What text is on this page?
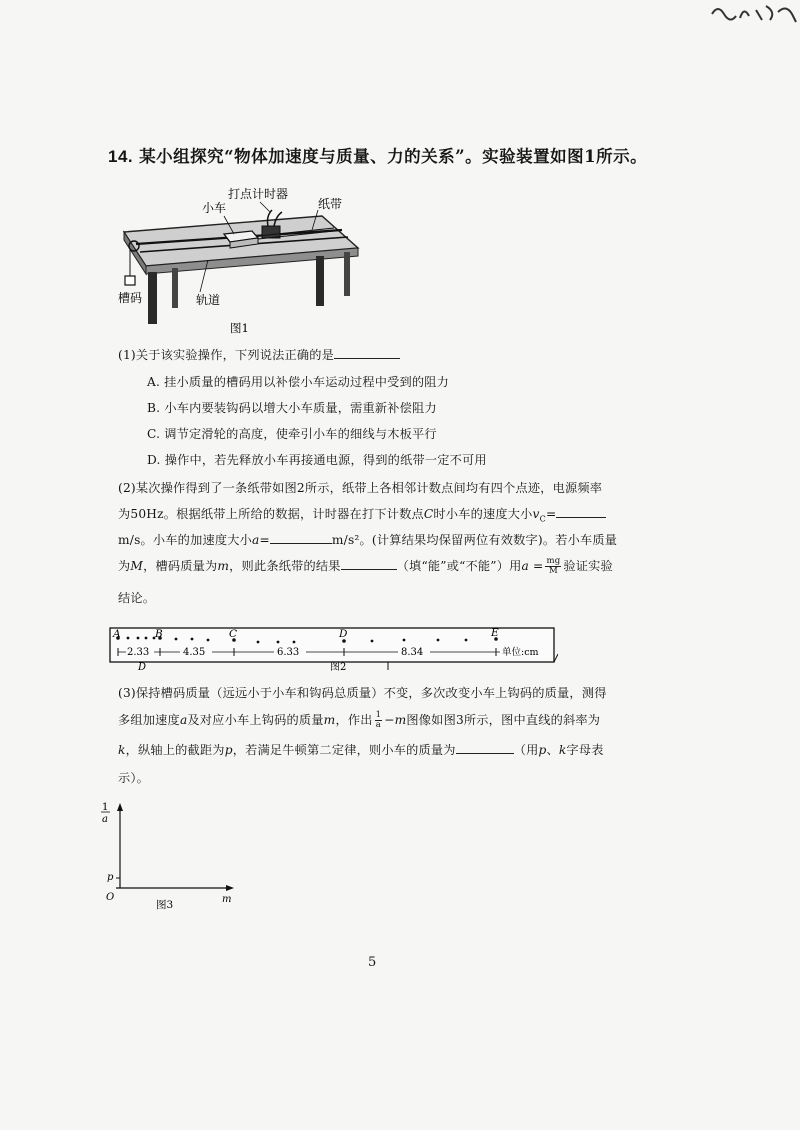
14. 某小组探究“物体加速度与质量、力的关系”。实验装置如图1所示。
打点计时器
小车	纸带
槽码	轨道
图1
(1)关于该实验操作，下列说法正确的是
A. 挂小质量的槽码用以补偿小车运动过程中受到的阻力
B. 小车内要装钩码以增大小车质量，需重新补偿阻力
C. 调节定滑轮的高度，使牵引小车的细线与木板平行
D. 操作中，若先释放小车再接通电源，得到的纸带一定不可用
(2)某次操作得到了一条纸带如图2所示，纸带上各相邻计数点间均有四个点迹，电源频率
为50Hz。根据纸带上所给的数据，计时器在打下计数点C时小车的速度大小$v_C=$
m/s。小车的加速度大小a=	m/s²。(计算结果均保留两位有效数字)。若小车质量
为M，槽码质量为m，则此条纸带的结果	（填“能”或“不能”）用$a = \frac{mg}{M}$ 验证实验
结论。
A	B	C	D	E
2.33	4.35	6.33	8.34	单位:cm
D	图2
(3)保持槽码质量（远远小于小车和钩码总质量）不变，多次改变小车上钩码的质量，测得
多组加速度a及对应小车上钩码的质量m，作出 $\frac{1}{a} -m$图像如图3所示，图中直线的斜率为
k，纵轴上的截距为p，若满足牛顿第二定律，则小车的质量为	（用p、k字母表
示）。
1
a
p
O	m
图3
5
